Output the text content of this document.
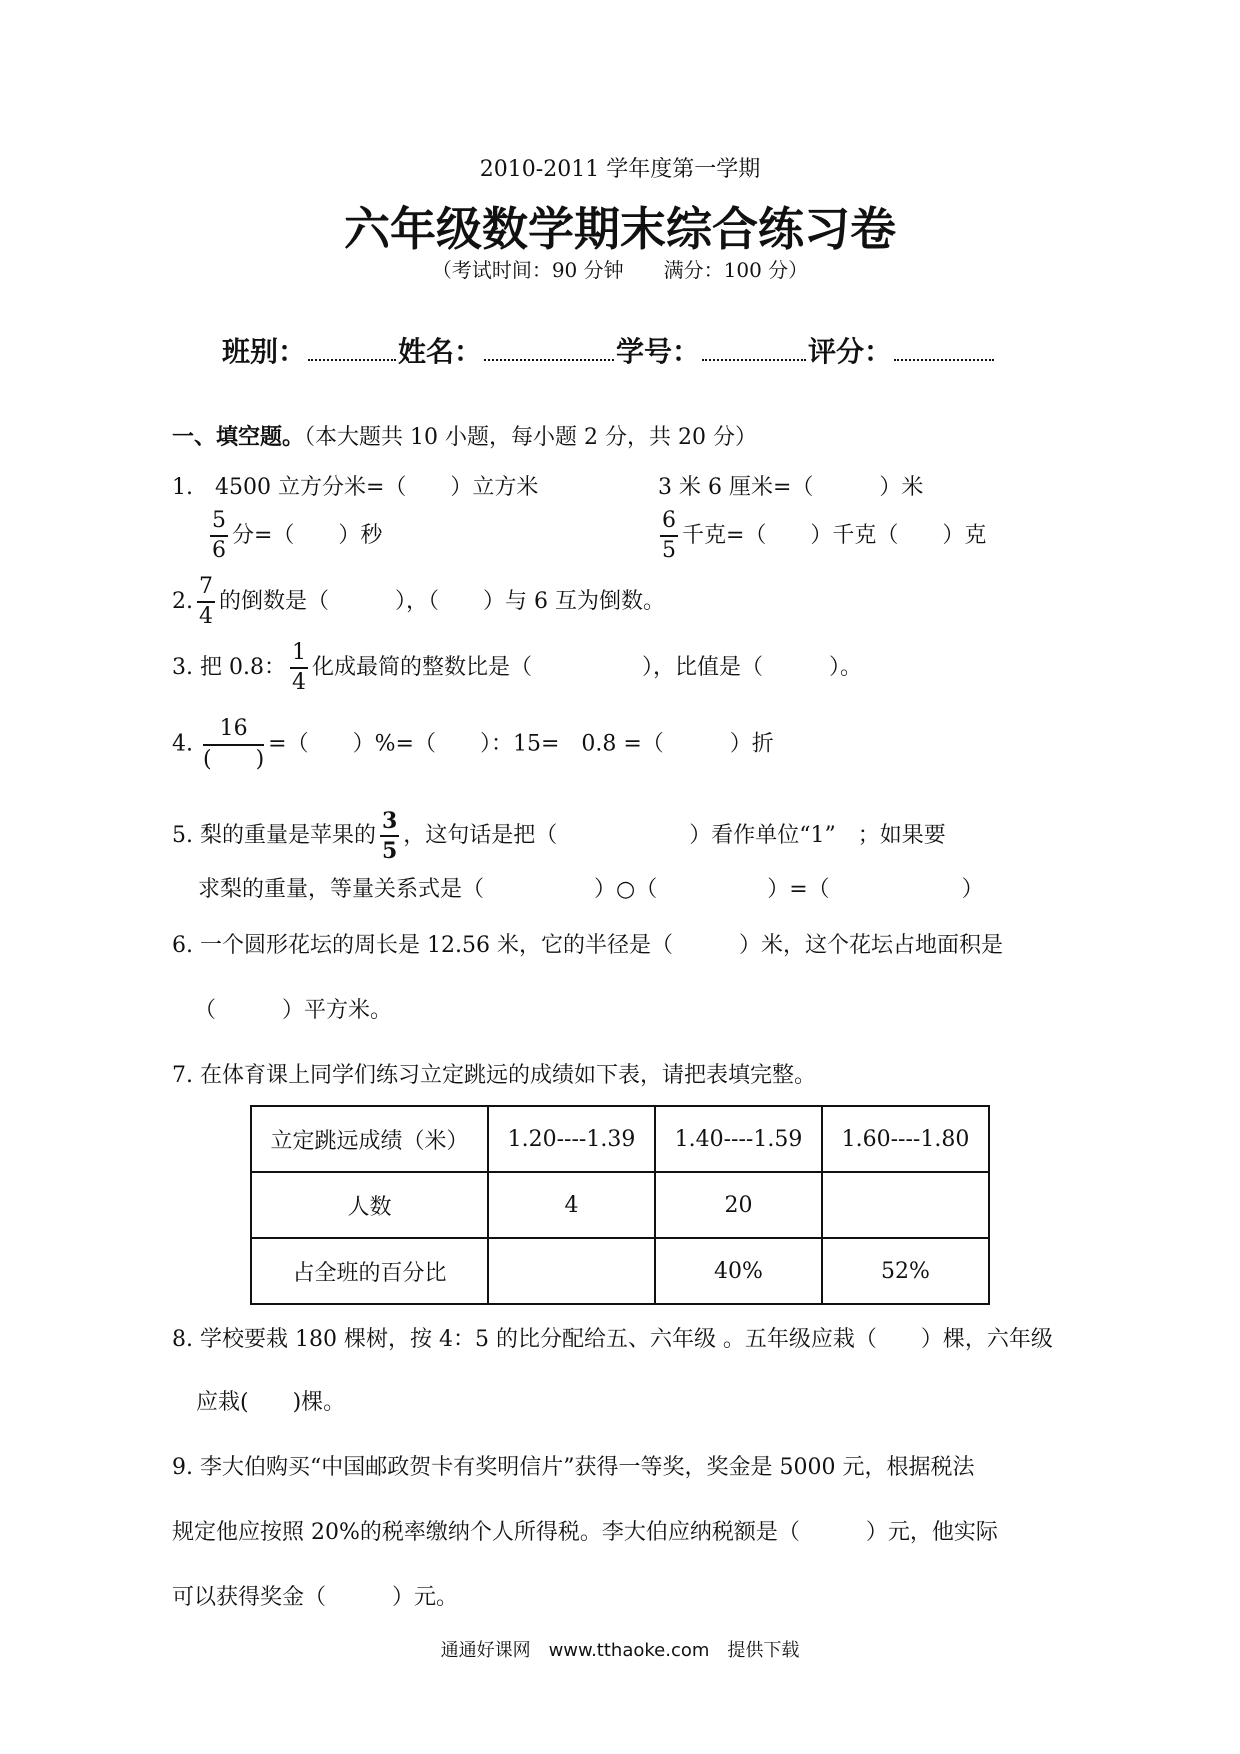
2010-2011 学年度第一学期
六年级数学期末综合练习卷
（考试时间：90 分钟　　满分：100 分）
班别：	姓名：	学号：	评分：
一、填空题。（本大题共 10 小题，每小题 2 分，共 20 分）
1.　4500 立方分米=（　　）立方米	3 米 6 厘米=（　　　）米
$\frac{5}{6}$ 分=（　　）秒	$\frac{6}{5}$ 千克=（　　）千克（　　）克
2. $\frac{7}{4}$ 的倒数是（　　　），（　　）与 6 互为倒数。
3. 把 0.8： $\frac{1}{4}$ 化成最简的整数比是（　　　　　），比值是（　　　）。
4. $\frac{16}{( )}$ =（　　）%=（　　）：15=　0.8 =（　　　）折
5. 梨的重量是苹果的 $\frac{3}{5}$ ，这句话是把（　　　　　　）看作单位“1”　；如果要
求梨的重量，等量关系式是（　　　　　）○（　　　　　）=（　　　　　　）
6. 一个圆形花坛的周长是 12.56 米，它的半径是（　　　）米，这个花坛占地面积是
（　　　）平方米。
7. 在体育课上同学们练习立定跳远的成绩如下表，请把表填完整。
立定跳远成绩（米）	1.20----1.39	1.40----1.59	1.60----1.80
人数	4	20	
占全班的百分比		40%	52%
8. 学校要栽 180 棵树，按 4：5 的比分配给五、六年级 。五年级应栽（　　）棵，六年级
应栽(　　)棵。
9. 李大伯购买“中国邮政贺卡有奖明信片”获得一等奖，奖金是 5000 元，根据税法
规定他应按照 20%的税率缴纳个人所得税。李大伯应纳税额是（　　　）元，他实际
可以获得奖金（　　　）元。
通通好课网　www.tthaoke.com　提供下载
